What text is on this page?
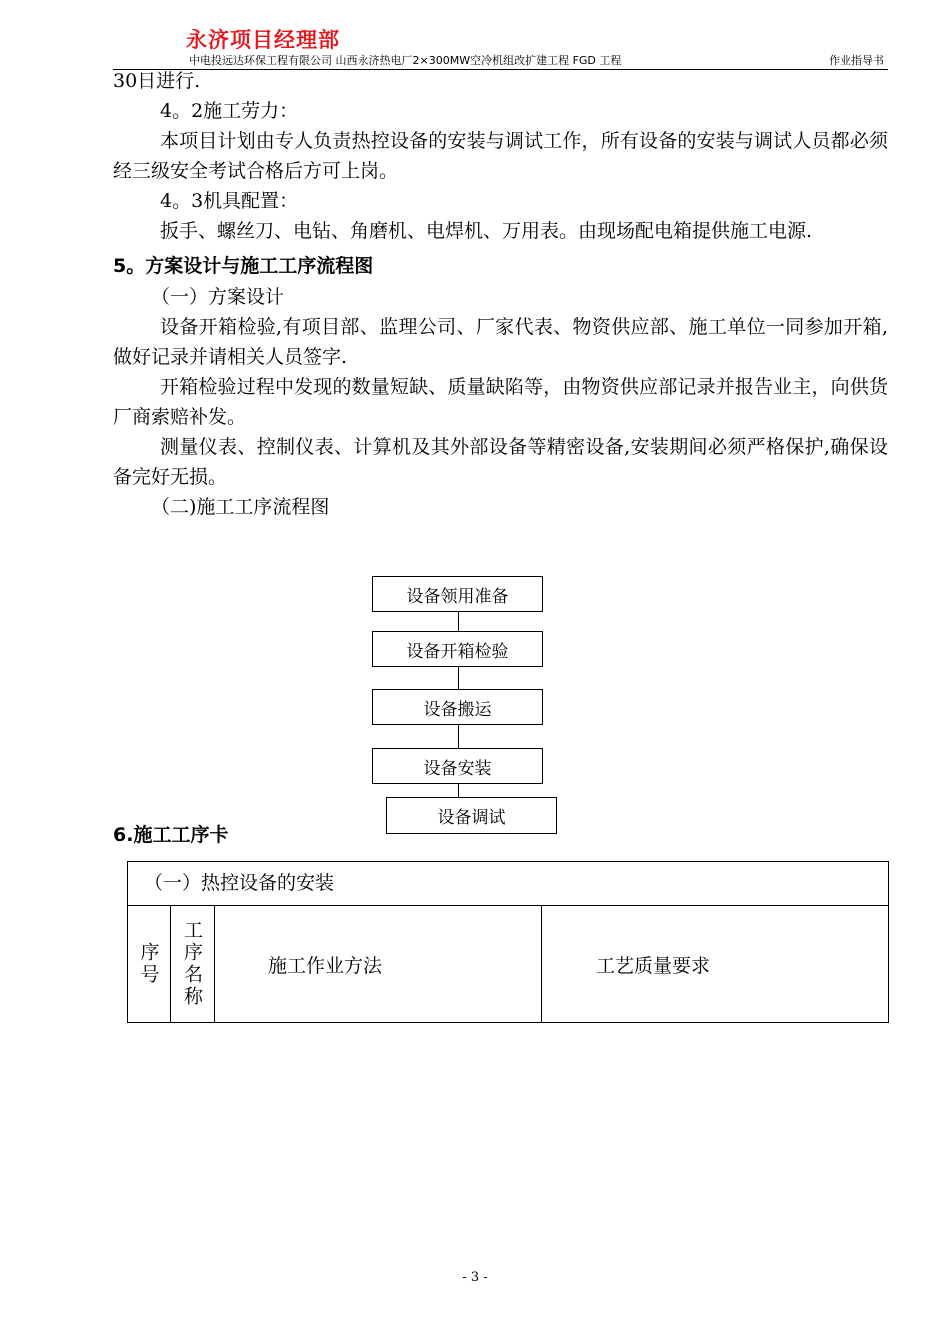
永济项目经理部
中电投远达环保工程有限公司 山西永济热电厂2×300MW空冷机组改扩建工程 FGD 工程	作业指导书

30日进行.

4。2施工劳力：

本项目计划由专人负责热控设备的安装与调试工作，所有设备的安装与调试人员都必须经三级安全考试合格后方可上岗。

4。3机具配置：

扳手、螺丝刀、电钻、角磨机、电焊机、万用表。由现场配电箱提供施工电源.

5。方案设计与施工工序流程图

（一）方案设计

设备开箱检验,有项目部、监理公司、厂家代表、物资供应部、施工单位一同参加开箱,做好记录并请相关人员签字.

开箱检验过程中发现的数量短缺、质量缺陷等，由物资供应部记录并报告业主，向供货厂商索赔补发。

测量仪表、控制仪表、计算机及其外部设备等精密设备,安装期间必须严格保护,确保设备完好无损。

（二)施工工序流程图

设备领用准备
设备开箱检验
设备搬运
设备安装
设备调试

6.施工工序卡

（一）热控设备的安装
序号	工序名称	施工作业方法	工艺质量要求
- 3 -
